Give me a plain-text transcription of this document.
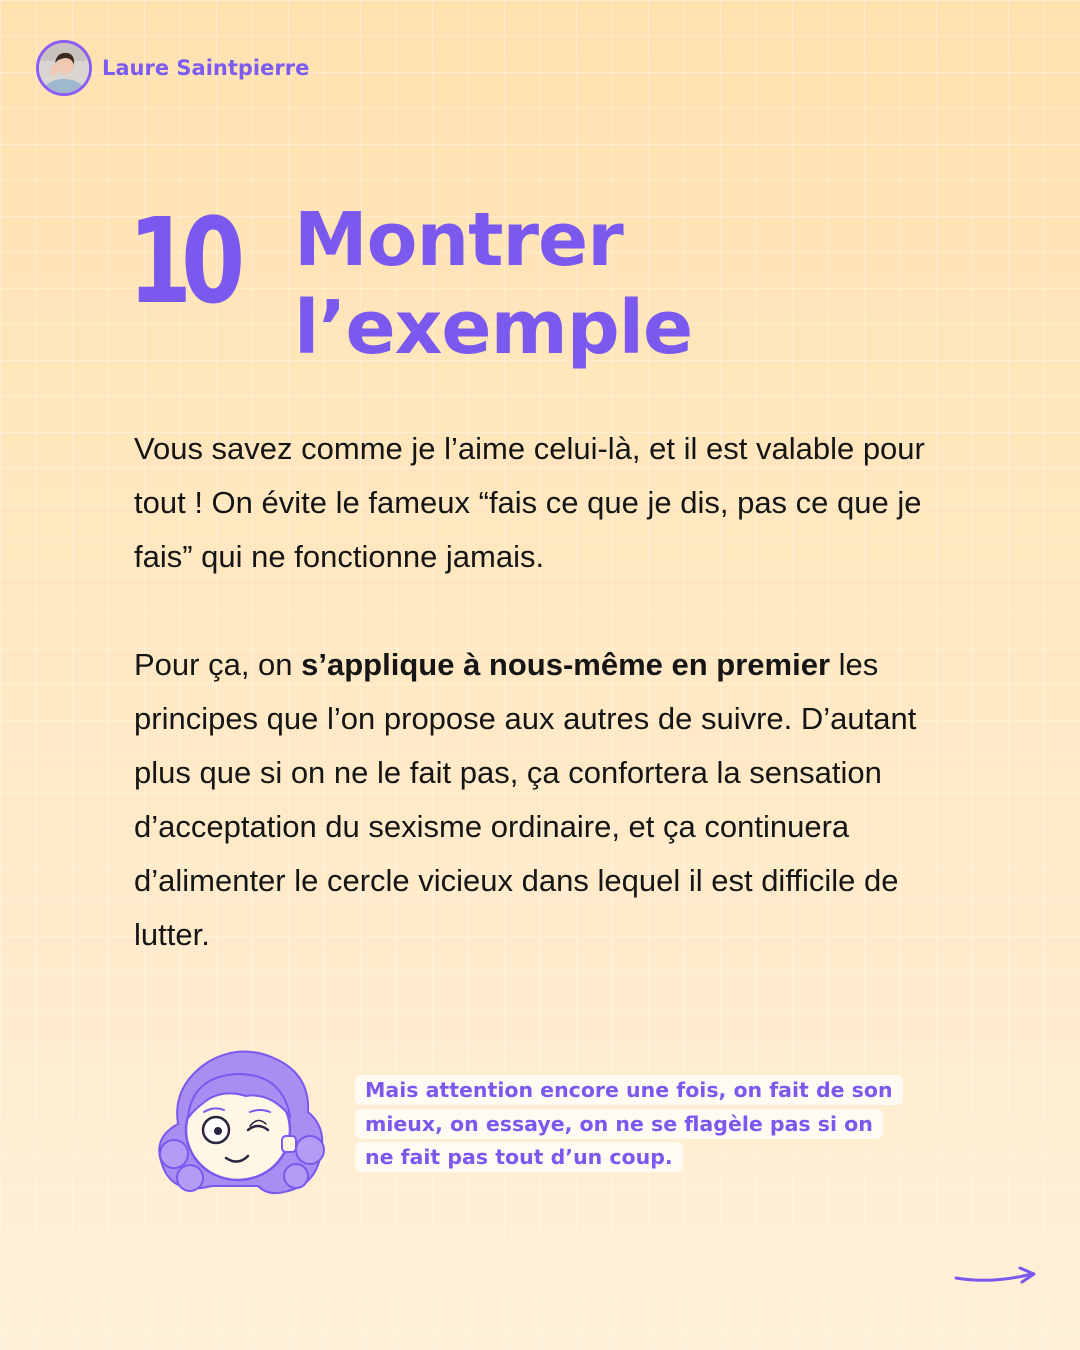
Laure Saintpierre
10 Montrer
l’exemple

Vous savez comme je l’aime celui-là, et il est valable pour tout ! On évite le fameux “fais ce que je dis, pas ce que je fais” qui ne fonctionne jamais.

Pour ça, on s’applique à nous-même en premier les principes que l’on propose aux autres de suivre. D’autant plus que si on ne le fait pas, ça confortera la sensation d’acceptation du sexisme ordinaire, et ça continuera d’alimenter le cercle vicieux dans lequel il est difficile de lutter.

Mais attention encore une fois, on fait de son mieux, on essaye, on ne se flagèle pas si on ne fait pas tout d’un coup.
